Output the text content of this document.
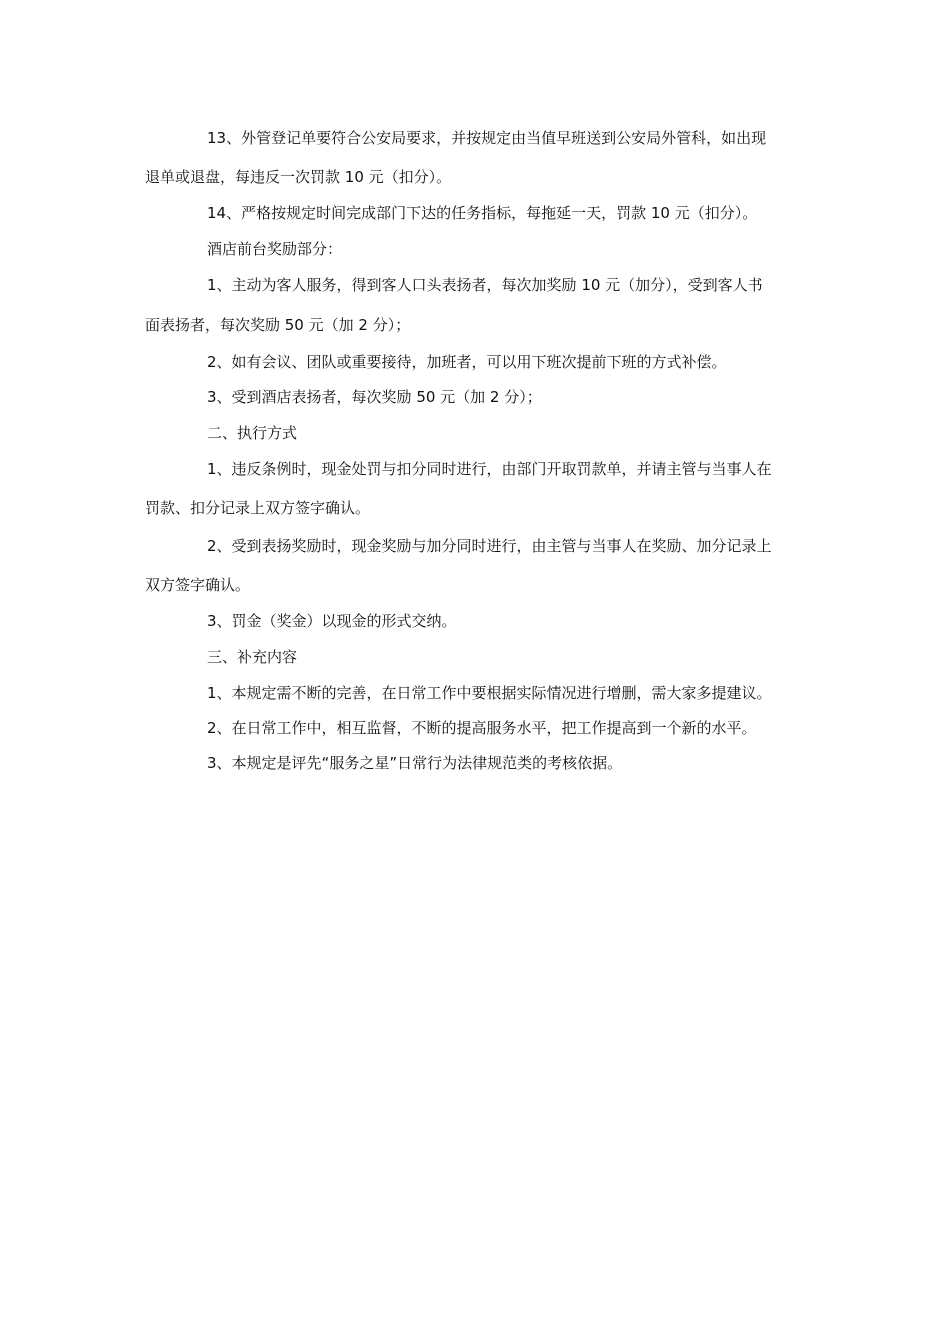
13、外管登记单要符合公安局要求，并按规定由当值早班送到公安局外管科，如出现
退单或退盘，每违反一次罚款 10 元（扣分）。
14、严格按规定时间完成部门下达的任务指标，每拖延一天，罚款 10 元（扣分）。
酒店前台奖励部分：
1、主动为客人服务，得到客人口头表扬者，每次加奖励 10 元（加分），受到客人书
面表扬者，每次奖励 50 元（加 2 分）；
2、如有会议、团队或重要接待，加班者，可以用下班次提前下班的方式补偿。
3、受到酒店表扬者，每次奖励 50 元（加 2 分）；
二、执行方式
1、违反条例时，现金处罚与扣分同时进行，由部门开取罚款单，并请主管与当事人在
罚款、扣分记录上双方签字确认。
2、受到表扬奖励时，现金奖励与加分同时进行，由主管与当事人在奖励、加分记录上
双方签字确认。
3、罚金（奖金）以现金的形式交纳。
三、补充内容
1、本规定需不断的完善，在日常工作中要根据实际情况进行增删，需大家多提建议。
2、在日常工作中，相互监督，不断的提高服务水平，把工作提高到一个新的水平。
3、本规定是评先“服务之星”日常行为法律规范类的考核依据。
